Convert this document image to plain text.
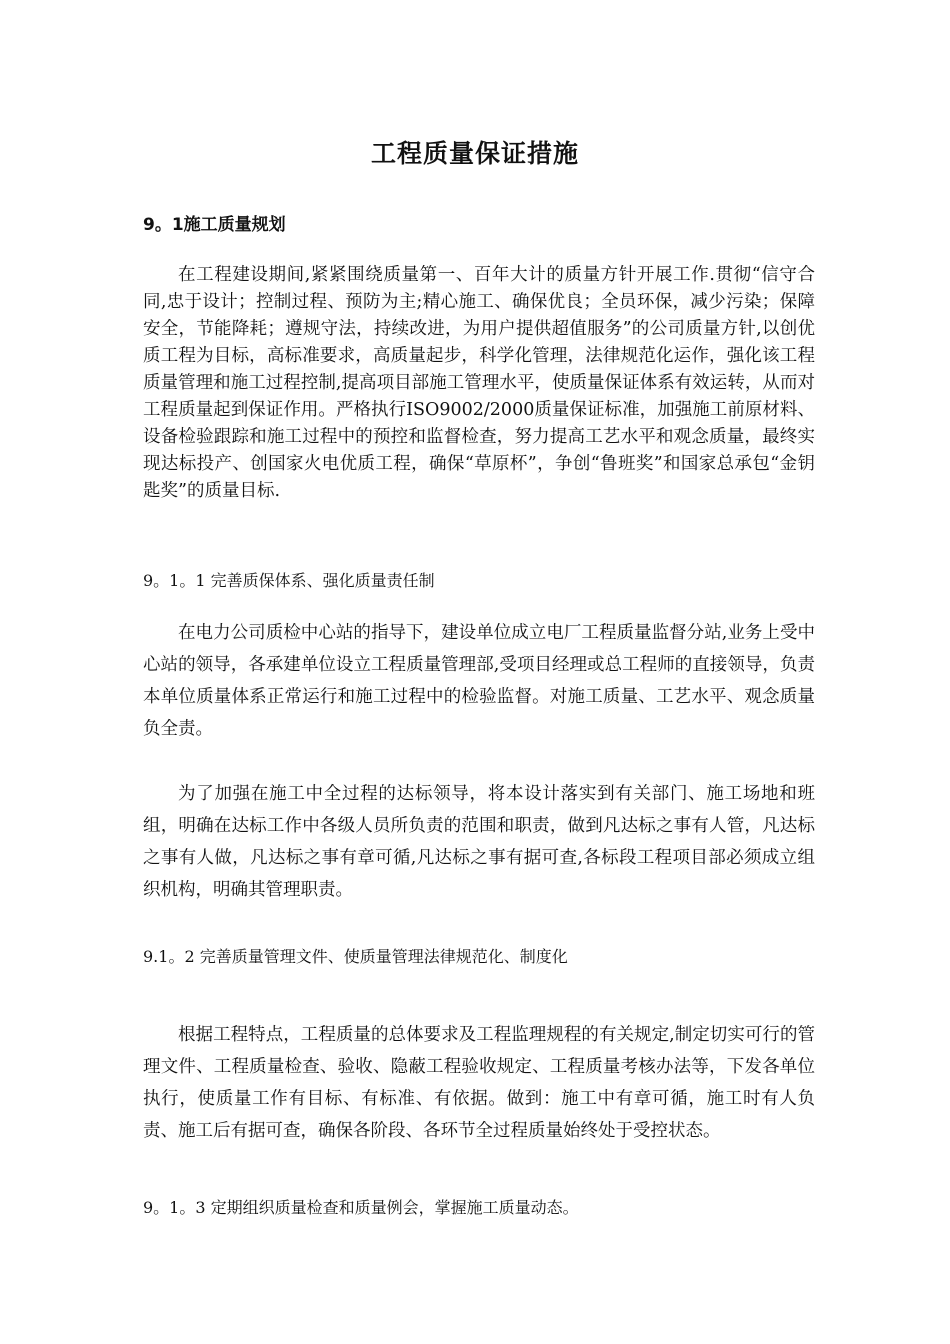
工程质量保证措施
9。1施工质量规划

在工程建设期间,紧紧围绕质量第一、百年大计的质量方针开展工作.贯彻“信守合同,忠于设计；控制过程、预防为主;精心施工、确保优良；全员环保，减少污染；保障安全，节能降耗；遵规守法，持续改进，为用户提供超值服务”的公司质量方针,以创优质工程为目标，高标准要求，高质量起步，科学化管理，法律规范化运作，强化该工程质量管理和施工过程控制,提高项目部施工管理水平，使质量保证体系有效运转，从而对工程质量起到保证作用。严格执行ISO9002/2000质量保证标准，加强施工前原材料、设备检验跟踪和施工过程中的预控和监督检查，努力提高工艺水平和观念质量，最终实现达标投产、创国家火电优质工程，确保“草原杯”，争创“鲁班奖”和国家总承包“金钥匙奖”的质量目标.

9。1。1 完善质保体系、强化质量责任制

在电力公司质检中心站的指导下，建设单位成立电厂工程质量监督分站,业务上受中心站的领导，各承建单位设立工程质量管理部,受项目经理或总工程师的直接领导，负责本单位质量体系正常运行和施工过程中的检验监督。对施工质量、工艺水平、观念质量负全责。

为了加强在施工中全过程的达标领导，将本设计落实到有关部门、施工场地和班组，明确在达标工作中各级人员所负责的范围和职责，做到凡达标之事有人管，凡达标之事有人做，凡达标之事有章可循,凡达标之事有据可查,各标段工程项目部必须成立组织机构，明确其管理职责。

9.1。2 完善质量管理文件、使质量管理法律规范化、制度化

根据工程特点，工程质量的总体要求及工程监理规程的有关规定,制定切实可行的管理文件、工程质量检查、验收、隐蔽工程验收规定、工程质量考核办法等，下发各单位执行，使质量工作有目标、有标准、有依据。做到：施工中有章可循，施工时有人负责、施工后有据可查，确保各阶段、各环节全过程质量始终处于受控状态。

9。1。3 定期组织质量检查和质量例会，掌握施工质量动态。
